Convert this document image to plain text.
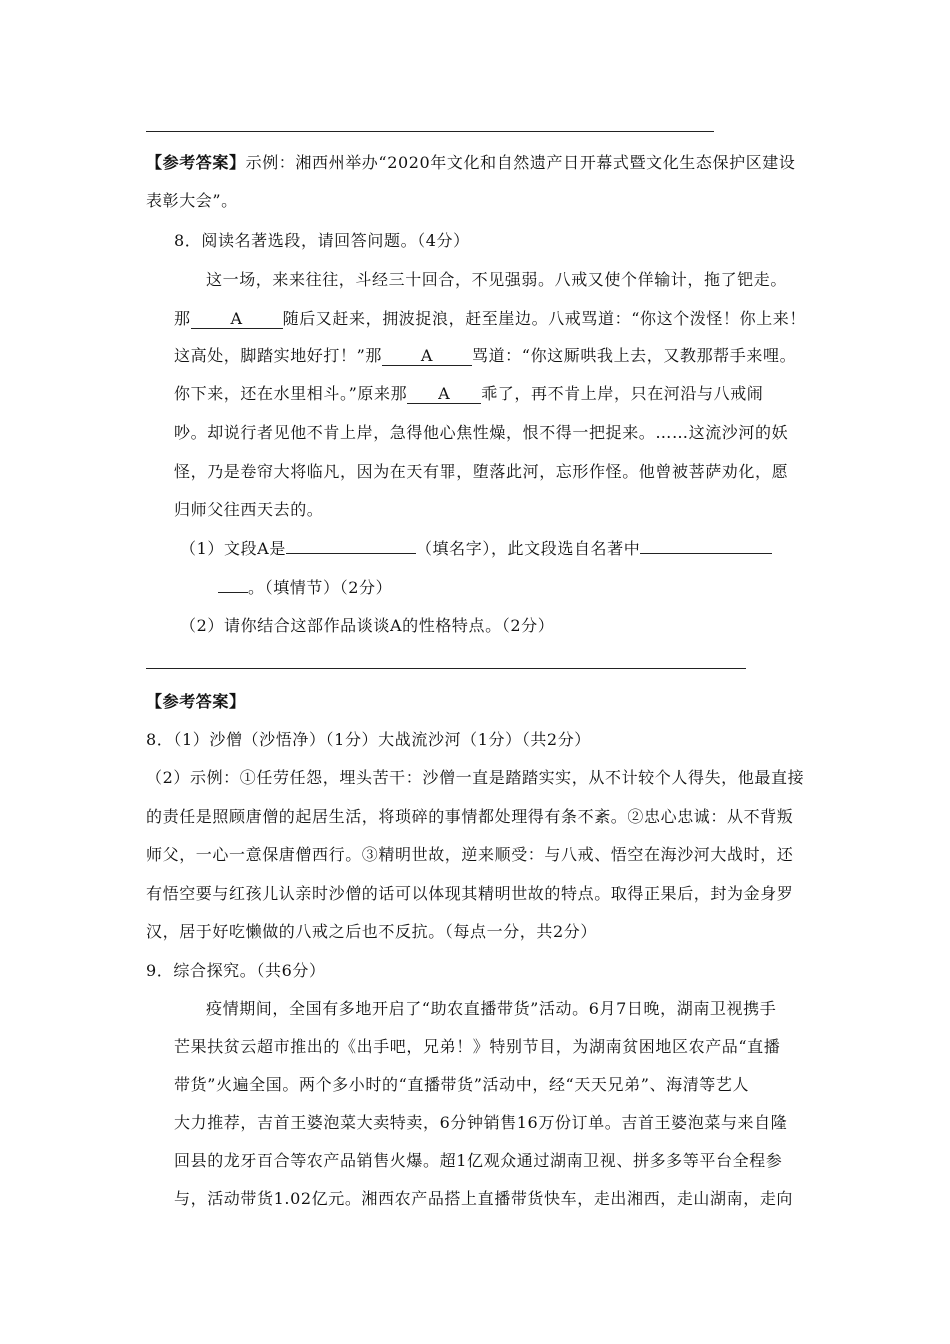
【参考答案】示例：湘西州举办“2020年文化和自然遗产日开幕式暨文化生态保护区建设
表彰大会”。
8．阅读名著选段，请回答问题。（4分）
这一场，来来往往，斗经三十回合，不见强弱。八戒又使个佯输计，拖了钯走。
那 A 随后又赶来，拥波捉浪，赶至崖边。八戒骂道：“你这个泼怪！你上来！
这高处，脚踏实地好打！”那 A 骂道：“你这厮哄我上去，又教那帮手来哩。
你下来，还在水里相斗。”原来那 A 乖了，再不肯上岸，只在河沿与八戒闹
吵。却说行者见他不肯上岸，急得他心焦性燥，恨不得一把捉来。……这流沙河的妖
怪，乃是卷帘大将临凡，因为在天有罪，堕落此河，忘形作怪。他曾被菩萨劝化，愿
归师父往西天去的。
（1）文段A是	（填名字），此文段选自名著中
。（填情节）（2分）
（2）请你结合这部作品谈谈A的性格特点。（2分）
【参考答案】
8．（1）沙僧（沙悟净）（1分）大战流沙河（1分）（共2分）
（2）示例：①任劳任怨，埋头苦干：沙僧一直是踏踏实实，从不计较个人得失，他最直接
的责任是照顾唐僧的起居生活，将琐碎的事情都处理得有条不紊。②忠心忠诚：从不背叛
师父，一心一意保唐僧西行。③精明世故，逆来顺受：与八戒、悟空在海沙河大战时，还
有悟空要与红孩儿认亲时沙僧的话可以体现其精明世故的特点。取得正果后，封为金身罗
汉，居于好吃懒做的八戒之后也不反抗。（每点一分，共2分）
9．综合探究。（共6分）
疫情期间，全国有多地开启了“助农直播带货”活动。6月7日晚，湖南卫视携手
芒果扶贫云超市推出的《出手吧，兄弟！》特别节目，为湖南贫困地区农产品“直播
带货”火遍全国。两个多小时的“直播带货”活动中，经“天天兄弟”、海清等艺人
大力推荐，吉首王婆泡菜大卖特卖，6分钟销售16万份订单。吉首王婆泡菜与来自隆
回县的龙牙百合等农产品销售火爆。超1亿观众通过湖南卫视、拼多多等平台全程参
与，活动带货1.02亿元。湘西农产品搭上直播带货快车，走出湘西，走山湖南，走向
